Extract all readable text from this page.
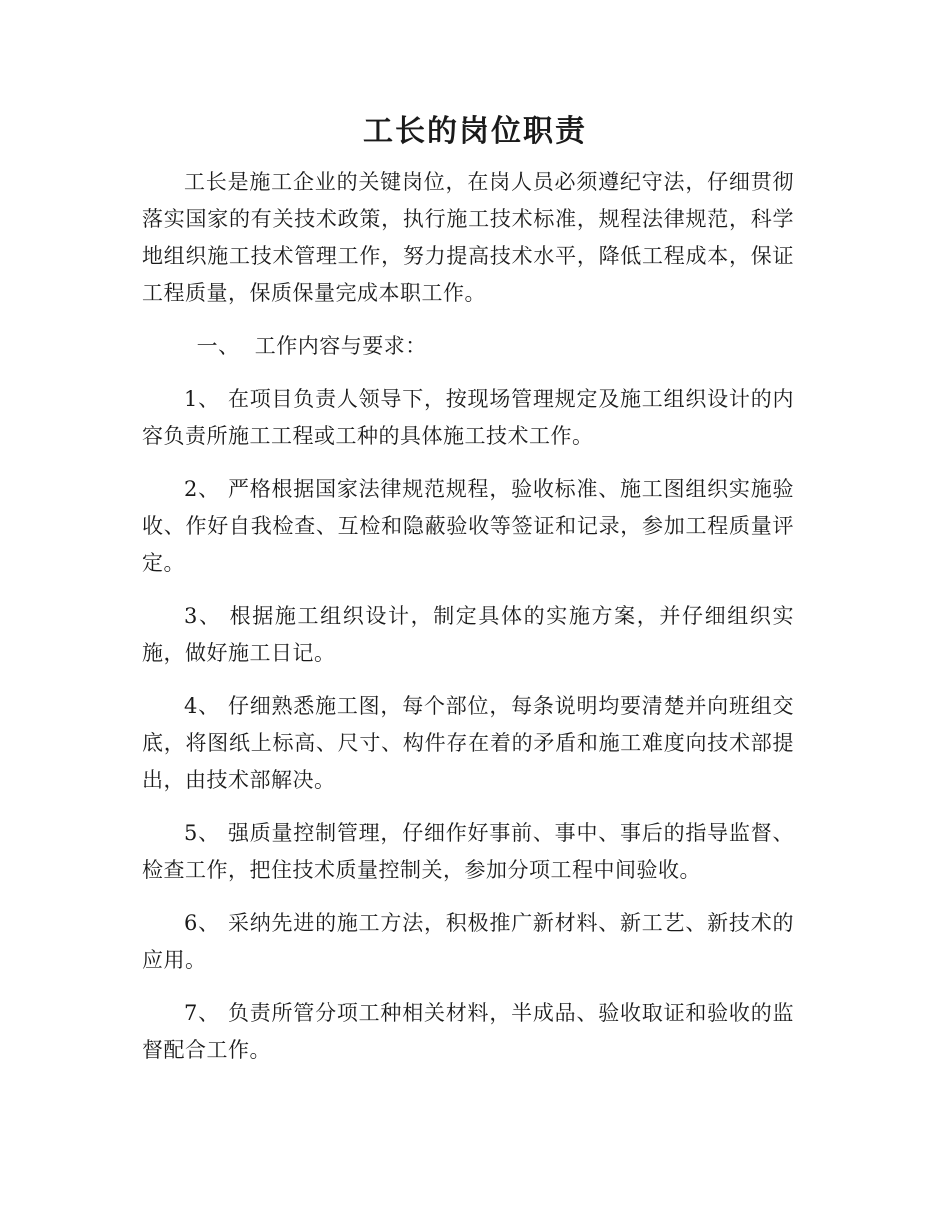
工长的岗位职责

工长是施工企业的关键岗位，在岗人员必须遵纪守法，仔细贯彻落实国家的有关技术政策，执行施工技术标准，规程法律规范，科学地组织施工技术管理工作，努力提高技术水平，降低工程成本，保证工程质量，保质保量完成本职工作。

一、 工作内容与要求：

1、 在项目负责人领导下，按现场管理规定及施工组织设计的内容负责所施工工程或工种的具体施工技术工作。

2、 严格根据国家法律规范规程，验收标准、施工图组织实施验收、作好自我检查、互检和隐蔽验收等签证和记录，参加工程质量评定。

3、 根据施工组织设计，制定具体的实施方案，并仔细组织实施，做好施工日记。

4、 仔细熟悉施工图，每个部位，每条说明均要清楚并向班组交底，将图纸上标高、尺寸、构件存在着的矛盾和施工难度向技术部提出，由技术部解决。

5、 强质量控制管理，仔细作好事前、事中、事后的指导监督、检查工作，把住技术质量控制关，参加分项工程中间验收。

6、 采纳先进的施工方法，积极推广新材料、新工艺、新技术的应用。

7、 负责所管分项工种相关材料，半成品、验收取证和验收的监督配合工作。
